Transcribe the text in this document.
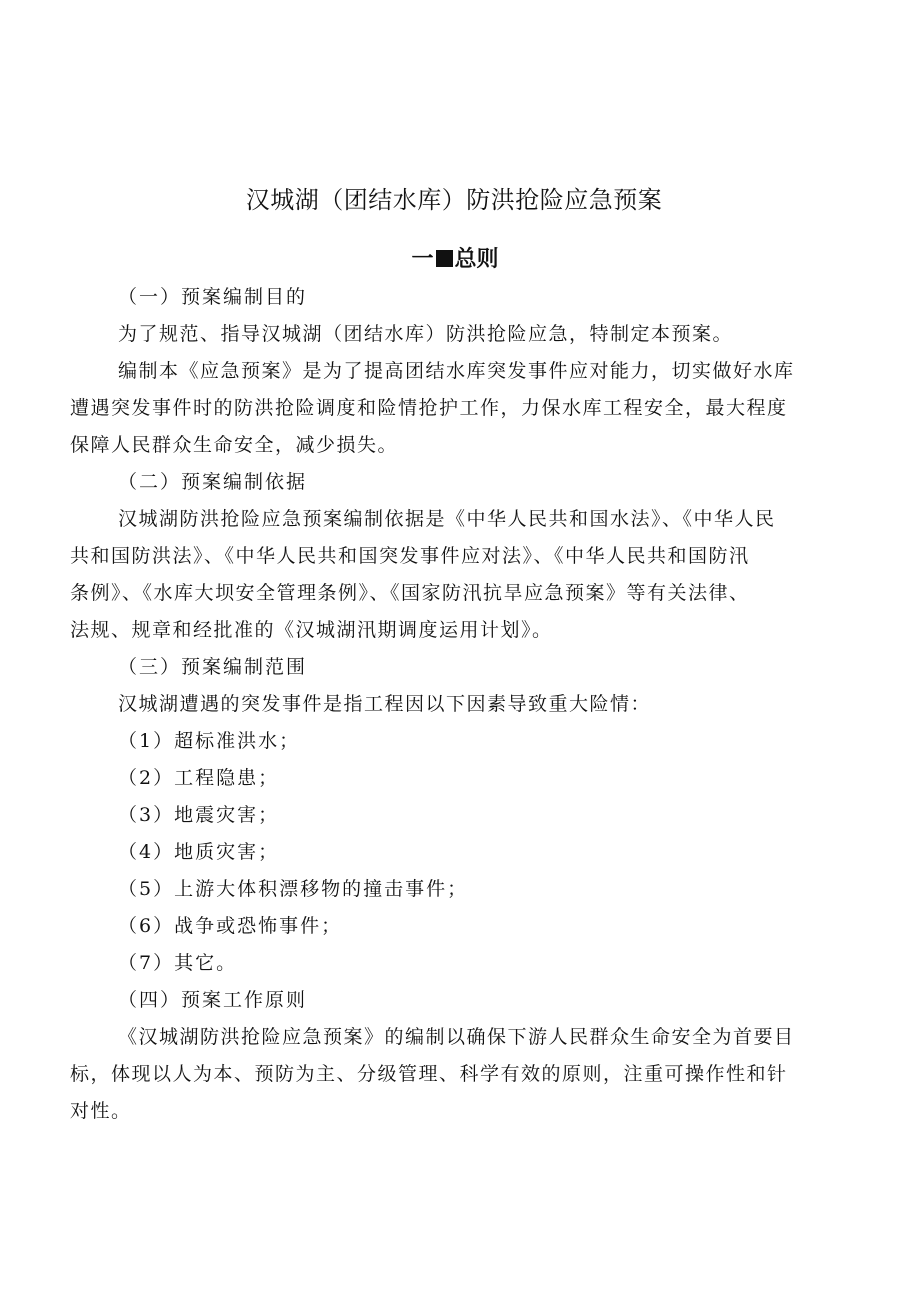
汉城湖（团结水库）防洪抢险应急预案
一 总则
（一）预案编制目的
为了规范、指导汉城湖（团结水库）防洪抢险应急，特制定本预案。
编制本《应急预案》是为了提高团结水库突发事件应对能力，切实做好水库
遭遇突发事件时的防洪抢险调度和险情抢护工作，力保水库工程安全，最大程度
保障人民群众生命安全，减少损失。
（二）预案编制依据
汉城湖防洪抢险应急预案编制依据是《中华人民共和国水法》、《中华人民
共和国防洪法》、《中华人民共和国突发事件应对法》、《中华人民共和国防汛
条例》、《水库大坝安全管理条例》、《国家防汛抗旱应急预案》等有关法律、
法规、规章和经批准的《汉城湖汛期调度运用计划》。
（三）预案编制范围
汉城湖遭遇的突发事件是指工程因以下因素导致重大险情：
（1）超标准洪水；
（2）工程隐患；
（3）地震灾害；
（4）地质灾害；
（5）上游大体积漂移物的撞击事件；
（6）战争或恐怖事件；
（7）其它。
（四）预案工作原则
《汉城湖防洪抢险应急预案》的编制以确保下游人民群众生命安全为首要目
标，体现以人为本、预防为主、分级管理、科学有效的原则，注重可操作性和针
对性。
